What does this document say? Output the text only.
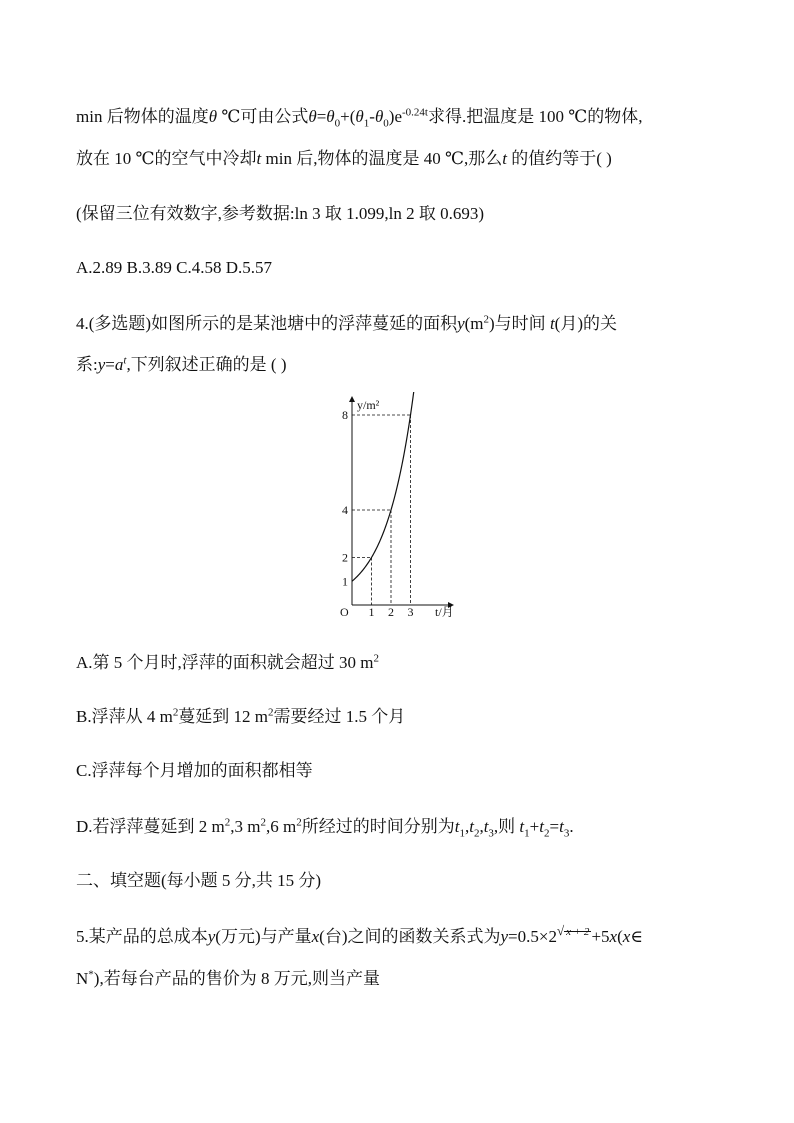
min 后物体的温度θ ℃可由公式$\theta=\theta_0+(\theta_1-\theta_0)e^{-0.24t}$求得.把温度是 100 ℃的物体,
放在 10 ℃的空气中冷却t min 后,物体的温度是 40 ℃,那么t 的值约等于( )
(保留三位有效数字,参考数据:ln 3 取 1.099,ln 2 取 0.693)
A.2.89 B.3.89 C.4.58 D.5.57
4.(多选题)如图所示的是某池塘中的浮萍蔓延的面积$y(m^2)$与时间 t(月)的关
系$:y=a^t$,下列叙述正确的是 ( )
y/m²
t/月
O
1
2
4
8
1 2 3
A.第 5 个月时,浮萍的面积就会超过 30 $m^2$
B.浮萍从 4 $m^2$蔓延到 12 $m^2$需要经过 1.5 个月
C.浮萍每个月增加的面积都相等
D.若浮萍蔓延到 2 $m^2,3$ $m^2,6$ $m^2$所经过的时间分别为$t_1,t_2,t_3$,则 $t_1+t_2=t_3$.
二、填空题(每小题 5 分,共 15 分)
5.某产品的总成本y(万元)与产量x(台)之间的函数关系式为$y=0.5\times 2^{√ x + 2}$ +5x(x∈
N*),若每台产品的售价为 8 万元,则当产量
